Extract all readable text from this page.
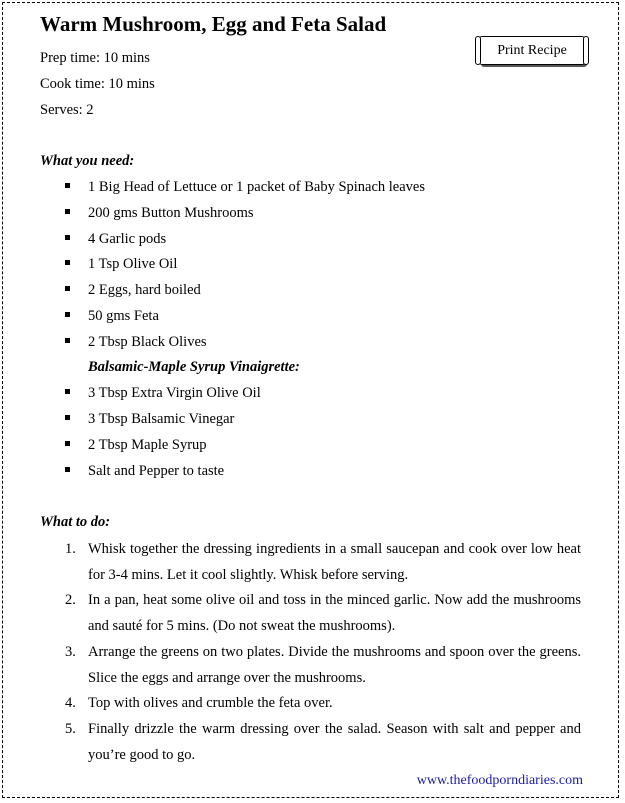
Warm Mushroom, Egg and Feta Salad
Prep time: 10 mins
Cook time: 10 mins
Serves: 2
Print Recipe
What you need:
1 Big Head of Lettuce or 1 packet of Baby Spinach leaves
200 gms Button Mushrooms
4 Garlic pods
1 Tsp Olive Oil
2 Eggs, hard boiled
50 gms Feta
2 Tbsp Black Olives
Balsamic-Maple Syrup Vinaigrette:
3 Tbsp Extra Virgin Olive Oil
3 Tbsp Balsamic Vinegar
2 Tbsp Maple Syrup
Salt and Pepper to taste
What to do:
1. Whisk together the dressing ingredients in a small saucepan and cook over low heat for 3-4 mins. Let it cool slightly. Whisk before serving.
2. In a pan, heat some olive oil and toss in the minced garlic. Now add the mushrooms and sauté for 5 mins. (Do not sweat the mushrooms).
3. Arrange the greens on two plates. Divide the mushrooms and spoon over the greens. Slice the eggs and arrange over the mushrooms.
4. Top with olives and crumble the feta over.
5. Finally drizzle the warm dressing over the salad. Season with salt and pepper and you’re good to go.
www.thefoodporndiaries.com
